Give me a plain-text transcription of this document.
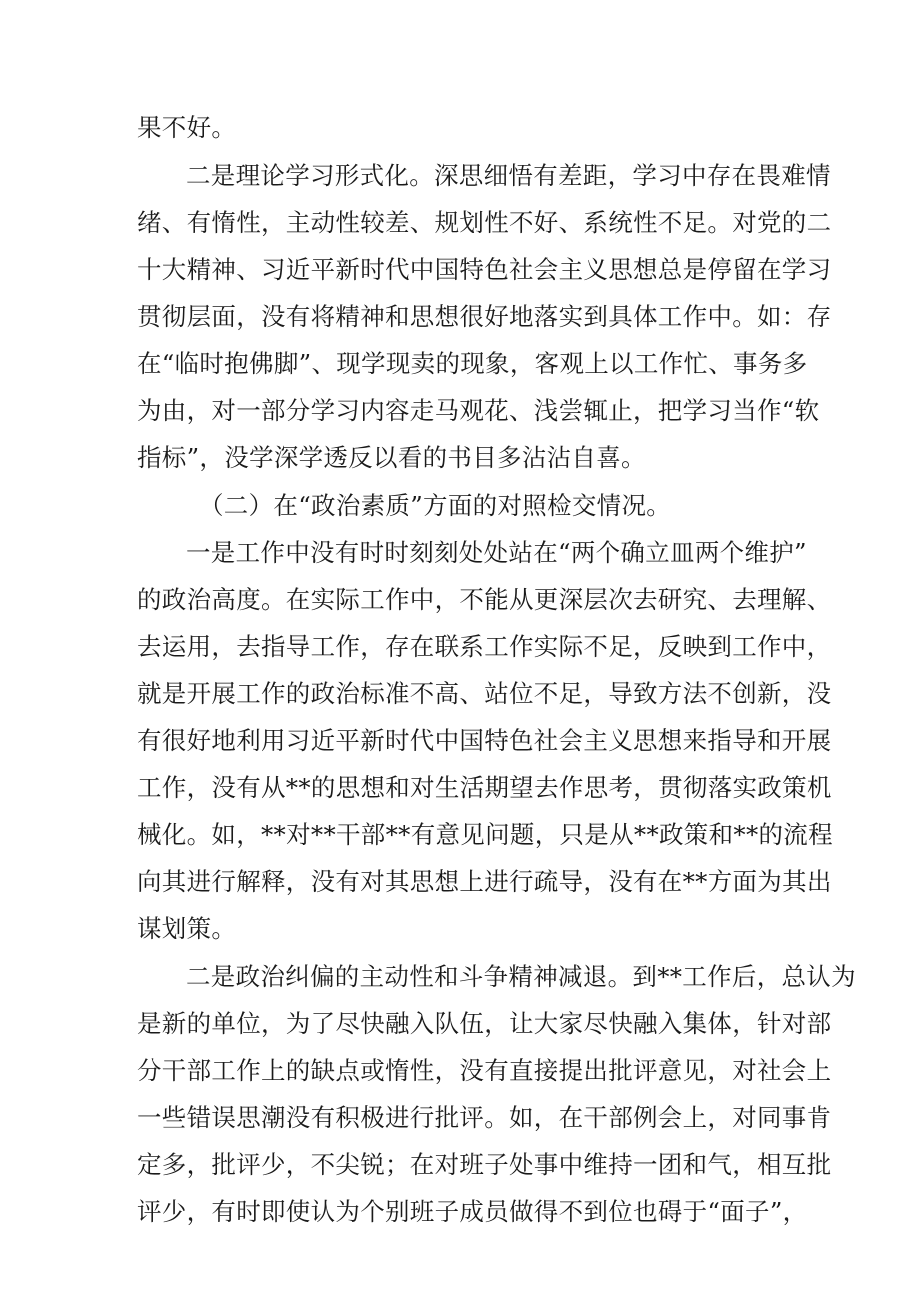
果不好。
二是理论学习形式化。深思细悟有差距，学习中存在畏难情
绪、有惰性，主动性较差、规划性不好、系统性不足。对党的二
十大精神、习近平新时代中国特色社会主义思想总是停留在学习
贯彻层面，没有将精神和思想很好地落实到具体工作中。如：存
在“临时抱佛脚”、现学现卖的现象，客观上以工作忙、事务多
为由，对一部分学习内容走马观花、浅尝辄止，把学习当作“软
指标”，没学深学透反以看的书目多沾沾自喜。
（二）在“政治素质”方面的对照检交情况。
一是工作中没有时时刻刻处处站在“两个确立皿两个维护”
的政治高度。在实际工作中，不能从更深层次去研究、去理解、
去运用，去指导工作，存在联系工作实际不足，反映到工作中，
就是开展工作的政治标准不高、站位不足，导致方法不创新，没
有很好地利用习近平新时代中国特色社会主义思想来指导和开展
工作，没有从**的思想和对生活期望去作思考，贯彻落实政策机
械化。如，**对**干部**有意见问题，只是从**政策和**的流程
向其进行解释，没有对其思想上进行疏导，没有在**方面为其出
谋划策。
二是政治纠偏的主动性和斗争精神减退。到**工作后，总认为
是新的单位，为了尽快融入队伍，让大家尽快融入集体，针对部
分干部工作上的缺点或惰性，没有直接提出批评意见，对社会上
一些错误思潮没有积极进行批评。如，在干部例会上，对同事肯
定多，批评少，不尖锐；在对班子处事中维持一团和气，相互批
评少，有时即使认为个别班子成员做得不到位也碍于“面子”，
